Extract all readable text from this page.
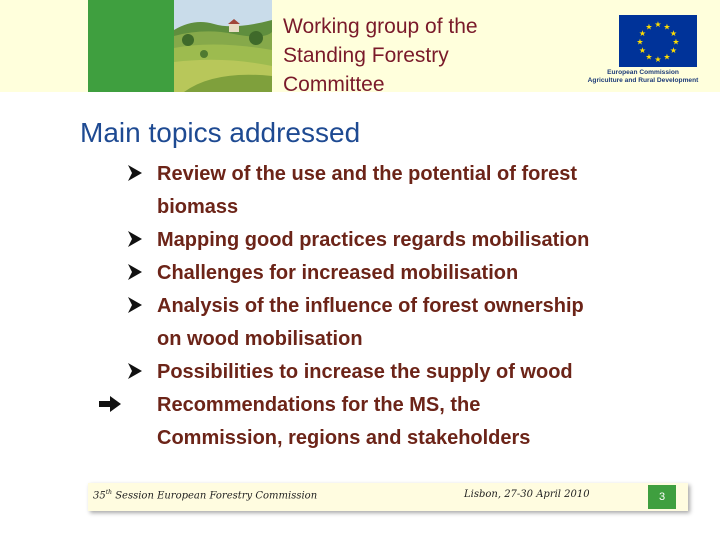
Working group of the
Standing Forestry
Committee
★ ★
★
★
★
★
★
★
★
★
★
★
European Commission
Agriculture and Rural Development
Main topics addressed
Review of the use and the potential of forest
biomass
Mapping good practices regards mobilisation
Challenges for increased mobilisation
Analysis of the influence of forest ownership
on wood mobilisation
Possibilities to increase the supply of wood
Recommendations for the MS, the
Commission, regions and stakeholders
35th Session European Forestry Commission	Lisbon, 27-30 April 2010	3
